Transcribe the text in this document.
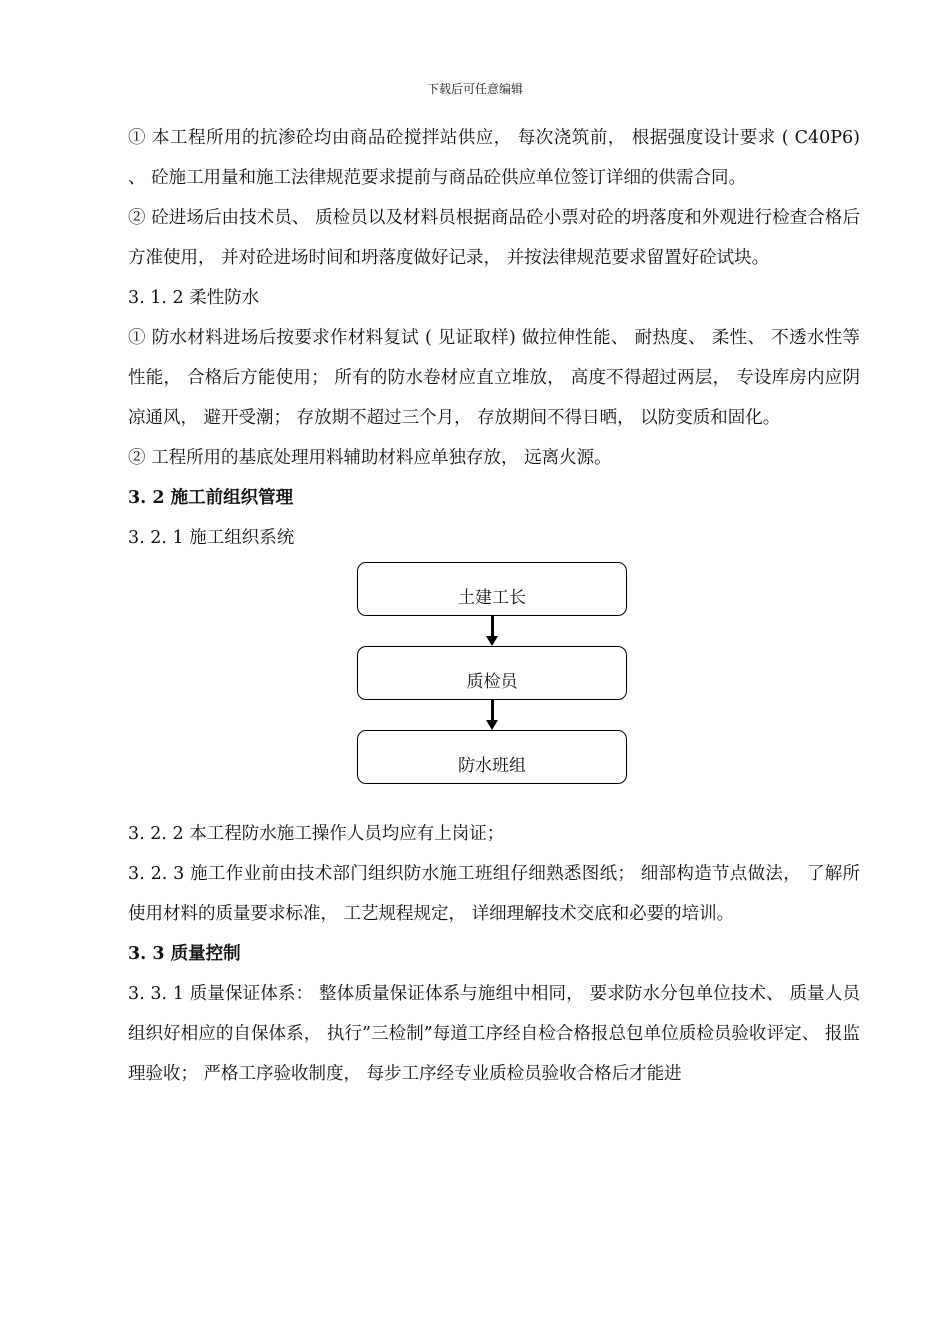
下载后可任意编辑
① 本工程所用的抗渗砼均由商品砼搅拌站供应， 每次浇筑前， 根据强度设计要求 ( C40P6) 、 砼施工用量和施工法律规范要求提前与商品砼供应单位签订详细的供需合同。
② 砼进场后由技术员、 质检员以及材料员根据商品砼小票对砼的坍落度和外观进行检查合格后方准使用， 并对砼进场时间和坍落度做好记录， 并按法律规范要求留置好砼试块。
3. 1. 2 柔性防水
① 防水材料进场后按要求作材料复试 ( 见证取样) 做拉伸性能、 耐热度、 柔性、 不透水性等性能， 合格后方能使用； 所有的防水卷材应直立堆放， 高度不得超过两层， 专设库房内应阴凉通风， 避开受潮； 存放期不超过三个月， 存放期间不得日晒， 以防变质和固化。
② 工程所用的基底处理用料辅助材料应单独存放， 远离火源。
3. 2 施工前组织管理
3. 2. 1 施工组织系统
土建工长
质检员
防水班组
3. 2. 2 本工程防水施工操作人员均应有上岗证；
3. 2. 3 施工作业前由技术部门组织防水施工班组仔细熟悉图纸； 细部构造节点做法， 了解所使用材料的质量要求标准， 工艺规程规定， 详细理解技术交底和必要的培训。
3. 3 质量控制
3. 3. 1 质量保证体系： 整体质量保证体系与施组中相同， 要求防水分包单位技术、 质量人员组织好相应的自保体系， 执行”三检制”每道工序经自检合格报总包单位质检员验收评定、 报监理验收； 严格工序验收制度， 每步工序经专业质检员验收合格后才能进
